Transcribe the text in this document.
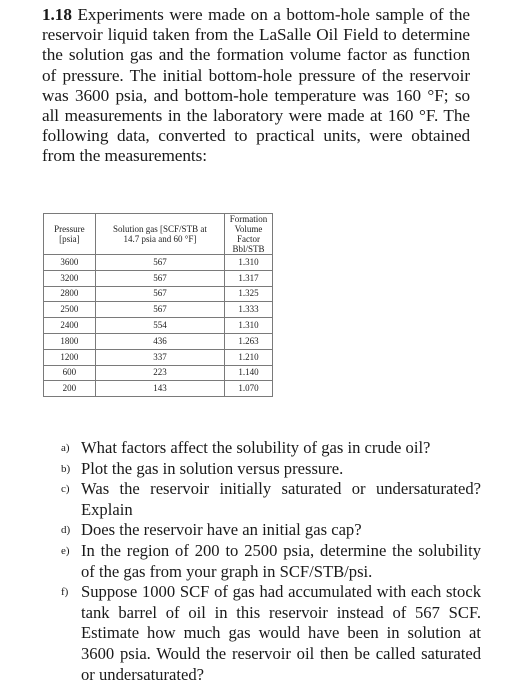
1.18 Experiments were made on a bottom-hole sample of the reservoir liquid taken from the LaSalle Oil Field to determine the solution gas and the formation volume factor as function of pressure. The initial bottom-hole pressure of the reservoir was 3600 psia, and bottom-hole temperature was 160 °F; so all measurements in the laboratory were made at 160 °F. The following data, converted to practical units, were obtained from the measurements:
Pressure [psia]	Solution gas [SCF/STB at
14.7 psia and 60 °F]	Formation Volume
Factor
Bbl/STB

3600	567	1.310
3200	567	1.317
2800	567	1.325
2500	567	1.333
2400	554	1.310
1800	436	1.263
1200	337	1.210
600	223	1.140
200	143	1.070
a) What factors affect the solubility of gas in crude oil?
b) Plot the gas in solution versus pressure.
c) Was the reservoir initially saturated or undersaturated? Explain
d) Does the reservoir have an initial gas cap?
e) In the region of 200 to 2500 psia, determine the solubility of the gas from your graph in SCF/STB/psi.
f) Suppose 1000 SCF of gas had accumulated with each stock tank barrel of oil in this reservoir instead of 567 SCF. Estimate how much gas would have been in solution at 3600 psia. Would the reservoir oil then be called saturated or undersaturated?
